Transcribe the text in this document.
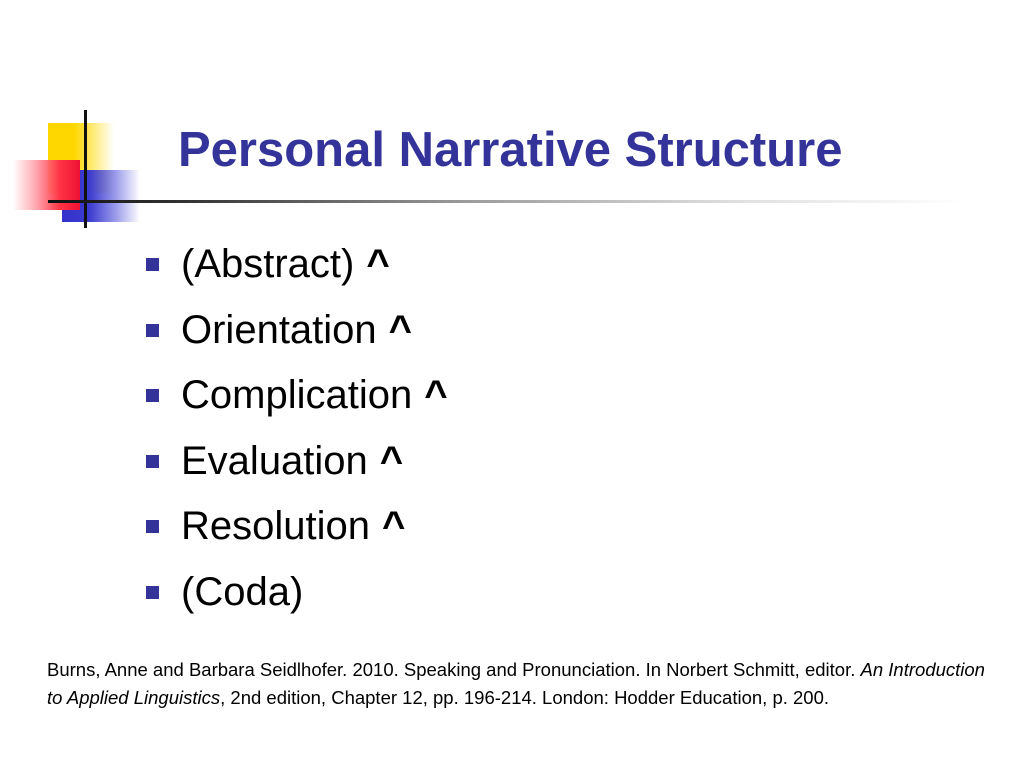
Personal Narrative Structure
(Abstract) ^
Orientation ^
Complication ^
Evaluation ^
Resolution ^
(Coda)

Burns, Anne and Barbara Seidlhofer. 2010. Speaking and Pronunciation. In Norbert Schmitt, editor. An Introduction to Applied Linguistics, 2nd edition, Chapter 12, pp. 196-214. London: Hodder Education, p. 200.
